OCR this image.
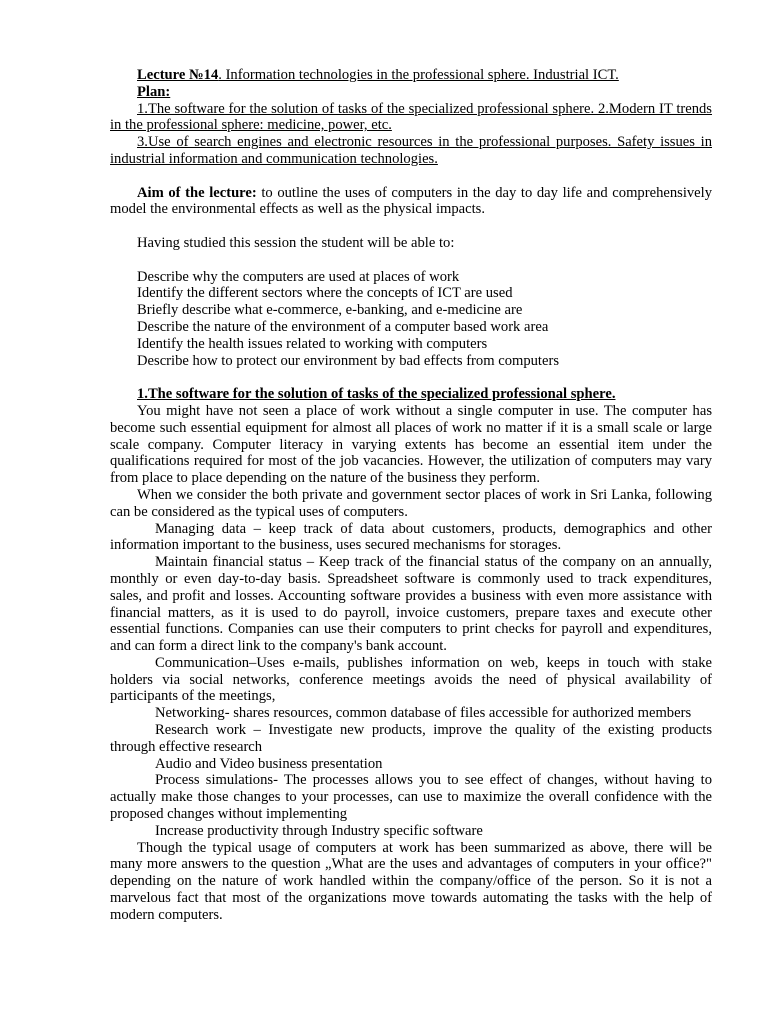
Lecture №14. Information technologies in the professional sphere. Industrial ICT.

Plan:

1.The software for the solution of tasks of the specialized professional sphere. 2.Modern IT trends in the professional sphere: medicine, power, etc.

3.Use of search engines and electronic resources in the professional purposes. Safety issues in industrial information and communication technologies.

Aim of the lecture: to outline the uses of computers in the day to day life and comprehensively model the environmental effects as well as the physical impacts.

Having studied this session the student will be able to:

Describe why the computers are used at places of work

Identify the different sectors where the concepts of ICT are used

Briefly describe what e-commerce, e-banking, and e-medicine are

Describe the nature of the environment of a computer based work area

Identify the health issues related to working with computers

Describe how to protect our environment by bad effects from computers

1.The software for the solution of tasks of the specialized professional sphere.

You might have not seen a place of work without a single computer in use. The computer has become such essential equipment for almost all places of work no matter if it is a small scale or large scale company. Computer literacy in varying extents has become an essential item under the qualifications required for most of the job vacancies. However, the utilization of computers may vary from place to place depending on the nature of the business they perform.

When we consider the both private and government sector places of work in Sri Lanka, following can be considered as the typical uses of computers.

Managing data – keep track of data about customers, products, demographics and other information important to the business, uses secured mechanisms for storages.

Maintain financial status – Keep track of the financial status of the company on an annually, monthly or even day-to-day basis. Spreadsheet software is commonly used to track expenditures, sales, and profit and losses. Accounting software provides a business with even more assistance with financial matters, as it is used to do payroll, invoice customers, prepare taxes and execute other essential functions. Companies can use their computers to print checks for payroll and expenditures, and can form a direct link to the company's bank account.

Communication–Uses e-mails, publishes information on web, keeps in touch with stake holders via social networks, conference meetings avoids the need of physical availability of participants of the meetings,

Networking- shares resources, common database of files accessible for authorized members

Research work – Investigate new products, improve the quality of the existing products through effective research

Audio and Video business presentation

Process simulations- The processes allows you to see effect of changes, without having to actually make those changes to your processes, can use to maximize the overall confidence with the proposed changes without implementing

Increase productivity through Industry specific software

Though the typical usage of computers at work has been summarized as above, there will be many more answers to the question „What are the uses and advantages of computers in your office?" depending on the nature of work handled within the company/office of the person. So it is not a marvelous fact that most of the organizations move towards automating the tasks with the help of modern computers.
